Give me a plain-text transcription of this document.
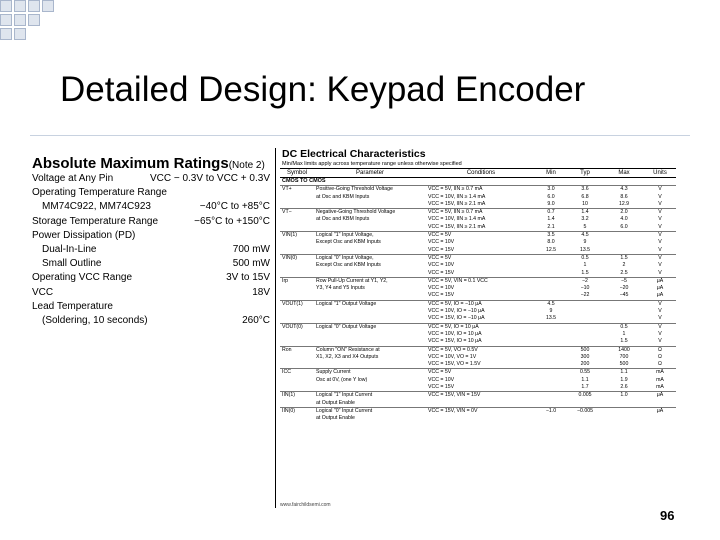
Detailed Design: Keypad Encoder
Absolute Maximum Ratings(Note 2)
Voltage at Any Pin	VCC − 0.3V to VCC + 0.3V
Operating Temperature Range
MM74C922, MM74C923	−40°C to +85°C
Storage Temperature Range	−65°C to +150°C
Power Dissipation (PD)
Dual-In-Line	700 mW
Small Outline	500 mW
Operating VCC Range	3V to 15V
VCC	18V
Lead Temperature
(Soldering, 10 seconds)	260°C
DC Electrical Characteristics
Min/Max limits apply across temperature range unless otherwise specified
Symbol	Parameter	Conditions	Min	Typ	Max	Units
CMOS TO CMOS						
VT+	Positive-Going Threshold Voltage	VCC = 5V, IIN ≥ 0.7 mA	3.0	3.6	4.3	V
	at Osc and KBM Inputs	VCC = 10V, IIN ≥ 1.4 mA	6.0	6.8	8.6	V
		VCC = 15V, IIN ≥ 2.1 mA	9.0	10	12.9	V
VT−	Negative-Going Threshold Voltage	VCC = 5V, IIN ≥ 0.7 mA	0.7	1.4	2.0	V
	at Osc and KBM Inputs	VCC = 10V, IIN ≥ 1.4 mA	1.4	3.2	4.0	V
		VCC = 15V, IIN ≥ 2.1 mA	2.1	5	6.0	V
VIN(1)	Logical "1" Input Voltage,	VCC = 5V	3.5	4.5		V
	Except Osc and KBM Inputs	VCC = 10V	8.0	9		V
		VCC = 15V	12.5	13.5		V
VIN(0)	Logical "0" Input Voltage,	VCC = 5V		0.5	1.5	V
	Except Osc and KBM Inputs	VCC = 10V		1	2	V
		VCC = 15V		1.5	2.5	V
Irp	Row Pull-Up Current at Y1, Y2,	VCC = 5V, VIN = 0.1 VCC		−2	−5	μA
	Y3, Y4 and Y5 Inputs	VCC = 10V		−10	−20	μA
		VCC = 15V		−22	−45	μA
VOUT(1)	Logical "1" Output Voltage	VCC = 5V, IO = −10 μA	4.5			V
		VCC = 10V, IO = −10 μA	9			V
		VCC = 15V, IO = −10 μA	13.5			V
VOUT(0)	Logical "0" Output Voltage	VCC = 5V, IO = 10 μA			0.5	V
		VCC = 10V, IO = 10 μA			1	V
		VCC = 15V, IO = 10 μA			1.5	V
Ron	Column "ON" Resistance at	VCC = 5V, VO = 0.5V		500	1400	Ω
	X1, X2, X3 and X4 Outputs	VCC = 10V, VO = 1V		300	700	Ω
		VCC = 15V, VO = 1.5V		200	500	Ω
ICC	Supply Current	VCC = 5V		0.55	1.1	mA
	Osc at 0V, (one Y low)	VCC = 10V		1.1	1.9	mA
		VCC = 15V		1.7	2.6	mA
IIN(1)	Logical "1" Input Current	VCC = 15V, VIN = 15V		0.005	1.0	μA
	at Output Enable					
IIN(0)	Logical "0" Input Current	VCC = 15V, VIN = 0V	−1.0	−0.005		μA
	at Output Enable					
www.fairchildsemi.com
96
